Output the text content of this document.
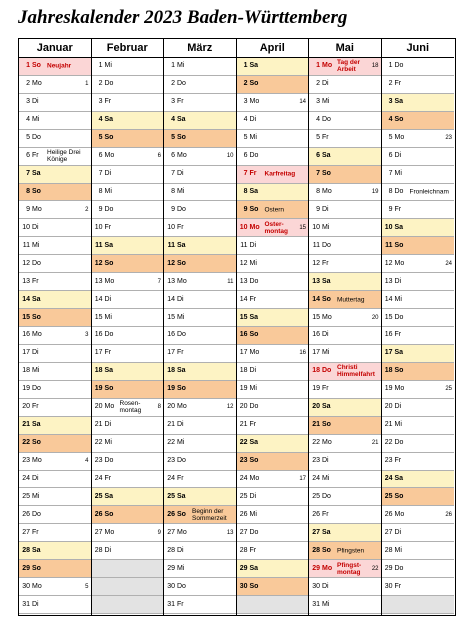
Jahreskalender 2023 Baden-Württemberg
Januar
1 So Neujahr
2 Mo	1
3 Di
4 Mi
5 Do
6 Fr Heilige Drei Könige
7 Sa
8 So
9 Mo	2
10 Di
11 Mi
12 Do
13 Fr
14 Sa
15 So
16 Mo	3
17 Di
18 Mi
19 Do
20 Fr
21 Sa
22 So
23 Mo	4
24 Di
25 Mi
26 Do
27 Fr
28 Sa
29 So
30 Mo	5
31 Di
Februar
1 Mi
2 Do
3 Fr
4 Sa
5 So
6 Mo	6
7 Di
8 Mi
9 Do
10 Fr
11 Sa
12 So
13 Mo	7
14 Di
15 Mi
16 Do
17 Fr
18 Sa
19 So
20 Mo Rosen-montag	8
21 Di
22 Mi
23 Do
24 Fr
25 Sa
26 So
27 Mo	9
28 Di
März
1 Mi
2 Do
3 Fr
4 Sa
5 So
6 Mo	10
7 Di
8 Mi
9 Do
10 Fr
11 Sa
12 So
13 Mo	11
14 Di
15 Mi
16 Do
17 Fr
18 Sa
19 So
20 Mo	12
21 Di
22 Mi
23 Do
24 Fr
25 Sa
26 So Beginn der Sommerzeit
27 Mo	13
28 Di
29 Mi
30 Do
31 Fr
April
1 Sa
2 So
3 Mo	14
4 Di
5 Mi
6 Do
7 Fr Karfreitag
8 Sa
9 So Ostern
10 Mo Oster-montag	15
11 Di
12 Mi
13 Do
14 Fr
15 Sa
16 So
17 Mo	16
18 Di
19 Mi
20 Do
21 Fr
22 Sa
23 So
24 Mo	17
25 Di
26 Mi
27 Do
28 Fr
29 Sa
30 So
Mai
1 Mo Tag der Arbeit	18
2 Di
3 Mi
4 Do
5 Fr
6 Sa
7 So
8 Mo	19
9 Di
10 Mi
11 Do
12 Fr
13 Sa
14 So Muttertag
15 Mo	20
16 Di
17 Mi
18 Do Christi Himmelfahrt
19 Fr
20 Sa
21 So
22 Mo	21
23 Di
24 Mi
25 Do
26 Fr
27 Sa
28 So Pfingsten
29 Mo Pfingst-montag	22
30 Di
31 Mi
Juni
1 Do
2 Fr
3 Sa
4 So
5 Mo	23
6 Di
7 Mi
8 Do Fronleichnam
9 Fr
10 Sa
11 So
12 Mo	24
13 Di
14 Mi
15 Do
16 Fr
17 Sa
18 So
19 Mo	25
20 Di
21 Mi
22 Do
23 Fr
24 Sa
25 So
26 Mo	26
27 Di
28 Mi
29 Do
30 Fr
